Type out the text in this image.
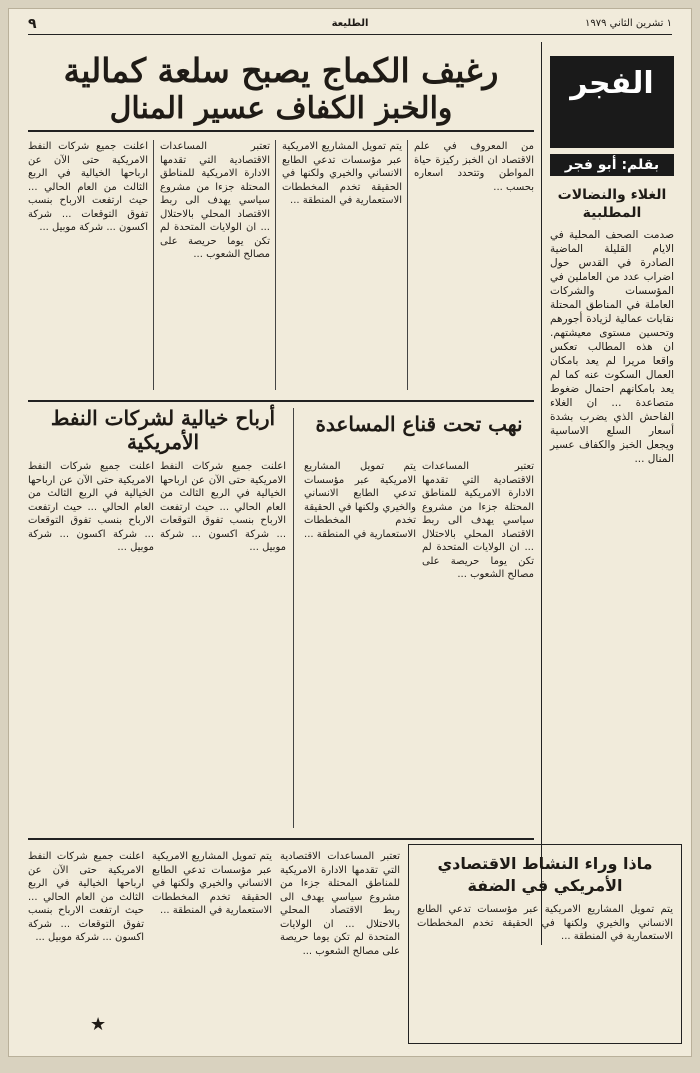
١ تشرين الثاني ١٩٧٩
الطليعة
٩
الفجر
بقلم: أبو فجر
الغلاء والنضالات المطلبية
صدمت الصحف المحلية في الايام القليلة الماضية الصادرة في القدس حول اضراب عدد من العاملين في المؤسسات والشركات العاملة في المناطق المحتلة نقابات عمالية لزيادة أجورهم وتحسين مستوى معيشتهم. ان هذه المطالب تعكس واقعا مريرا لم يعد بامكان العمال السكوت عنه كما لم يعد بامكانهم احتمال ضغوط متصاعدة ... ان الغلاء الفاحش الذي يضرب بشدة أسعار السلع الاساسية ويجعل الخبز والكفاف عسير المنال ...
رغيف الكماج يصبح سلعة كمالية
والخبز الكفاف عسير المنال
من المعروف في علم الاقتصاد ان الخبز ركيزة حياة المواطن وتتحدد اسعاره بحسب ...
يتم تمويل المشاريع الامريكية عبر مؤسسات تدعي الطابع الانساني والخيري ولكنها في الحقيقة تخدم المخططات الاستعمارية في المنطقة ...
تعتبر المساعدات الاقتصادية التي تقدمها الادارة الامريكية للمناطق المحتلة جزءا من مشروع سياسي يهدف الى ربط الاقتصاد المحلي بالاحتلال ... ان الولايات المتحدة لم تكن يوما حريصة على مصالح الشعوب ...
اعلنت جميع شركات النفط الامريكية حتى الآن عن ارباحها الخيالية في الربع الثالث من العام الحالي ... حيث ارتفعت الارباح بنسب تفوق التوقعات ... شركة اكسون ... شركة موبيل ...
نهب تحت قناع المساعدة
أرباح خيالية لشركات النفط الأمريكية
تعتبر المساعدات الاقتصادية التي تقدمها الادارة الامريكية للمناطق المحتلة جزءا من مشروع سياسي يهدف الى ربط الاقتصاد المحلي بالاحتلال ... ان الولايات المتحدة لم تكن يوما حريصة على مصالح الشعوب ...
يتم تمويل المشاريع الامريكية عبر مؤسسات تدعي الطابع الانساني والخيري ولكنها في الحقيقة تخدم المخططات الاستعمارية في المنطقة ...
اعلنت جميع شركات النفط الامريكية حتى الآن عن ارباحها الخيالية في الربع الثالث من العام الحالي ... حيث ارتفعت الارباح بنسب تفوق التوقعات ... شركة اكسون ... شركة موبيل ...
اعلنت جميع شركات النفط الامريكية حتى الآن عن ارباحها الخيالية في الربع الثالث من العام الحالي ... حيث ارتفعت الارباح بنسب تفوق التوقعات ... شركة اكسون ... شركة موبيل ...
ماذا وراء النشاط الاقتصادي الأمريكي في الضفة
يتم تمويل المشاريع الامريكية عبر مؤسسات تدعي الطابع الانساني والخيري ولكنها في الحقيقة تخدم المخططات الاستعمارية في المنطقة ...
تعتبر المساعدات الاقتصادية التي تقدمها الادارة الامريكية للمناطق المحتلة جزءا من مشروع سياسي يهدف الى ربط الاقتصاد المحلي بالاحتلال ... ان الولايات المتحدة لم تكن يوما حريصة على مصالح الشعوب ...
يتم تمويل المشاريع الامريكية عبر مؤسسات تدعي الطابع الانساني والخيري ولكنها في الحقيقة تخدم المخططات الاستعمارية في المنطقة ...
اعلنت جميع شركات النفط الامريكية حتى الآن عن ارباحها الخيالية في الربع الثالث من العام الحالي ... حيث ارتفعت الارباح بنسب تفوق التوقعات ... شركة اكسون ... شركة موبيل ...
★
